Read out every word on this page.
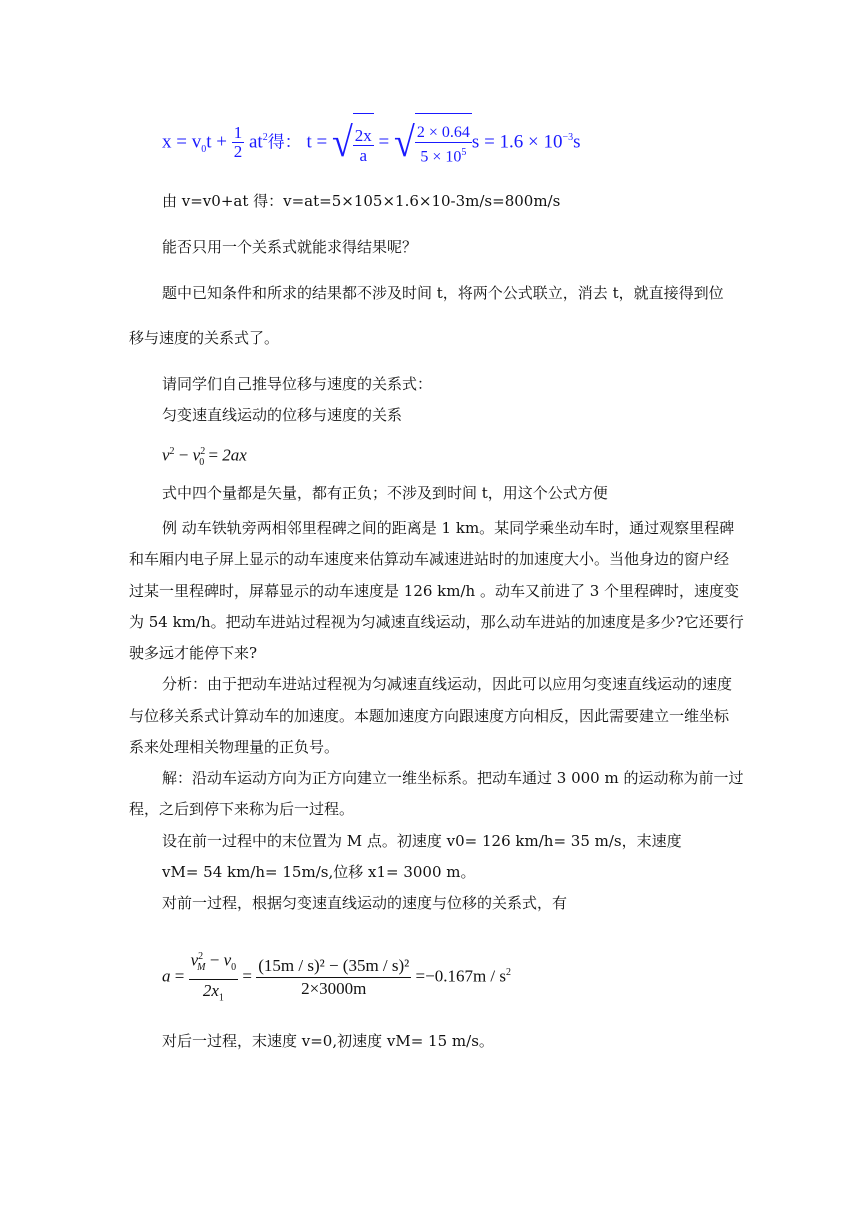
$x = v_0t + \frac{1}{2} at^2$得： t = √ $\frac{2x}{a}$ = √ $\frac{2 \times 0.64}{5 \times 10^5}$ $s = 1.6 \times 10^{-3}s$
由 v=v0+at 得：v=at=5×105×1.6×10-3m/s=800m/s
能否只用一个关系式就能求得结果呢？
题中已知条件和所求的结果都不涉及时间 t，将两个公式联立，消去 t，就直接得到位
移与速度的关系式了。
请同学们自己推导位移与速度的关系式：
匀变速直线运动的位移与速度的关系
$v^2 - v^2_0 = 2ax$
式中四个量都是矢量，都有正负；不涉及到时间 t，用这个公式方便
例 动车铁轨旁两相邻里程碑之间的距离是 1 km。某同学乘坐动车时，通过观察里程碑
和车厢内电子屏上显示的动车速度来估算动车减速进站时的加速度大小。当他身边的窗户经
过某一里程碑时，屏幕显示的动车速度是 126 km/h 。动车又前进了 3 个里程碑时，速度变
为 54 km/h。把动车进站过程视为匀减速直线运动，那么动车进站的加速度是多少?它还要行
驶多远才能停下来?
分析：由于把动车进站过程视为匀减速直线运动，因此可以应用匀变速直线运动的速度
与位移关系式计算动车的加速度。本题加速度方向跟速度方向相反，因此需要建立一维坐标
系来处理相关物理量的正负号。
解：沿动车运动方向为正方向建立一维坐标系。把动车通过 3 000 m 的运动称为前一过
程，之后到停下来称为后一过程。
设在前一过程中的末位置为 M 点。初速度 v0= 126 km/h= 35 m/s，末速度
vM= 54 km/h= 15m/s,位移 x1= 3000 m。
对前一过程，根据匀变速直线运动的速度与位移的关系式，有
$a = \frac{v^2_M - v_0}{2x_1} = \frac{\text{(15m / s)² − (35m / s)²}}{2\times 3000m} =-0.167m / s^2$
对后一过程，末速度 v=0,初速度 vM= 15 m/s。
